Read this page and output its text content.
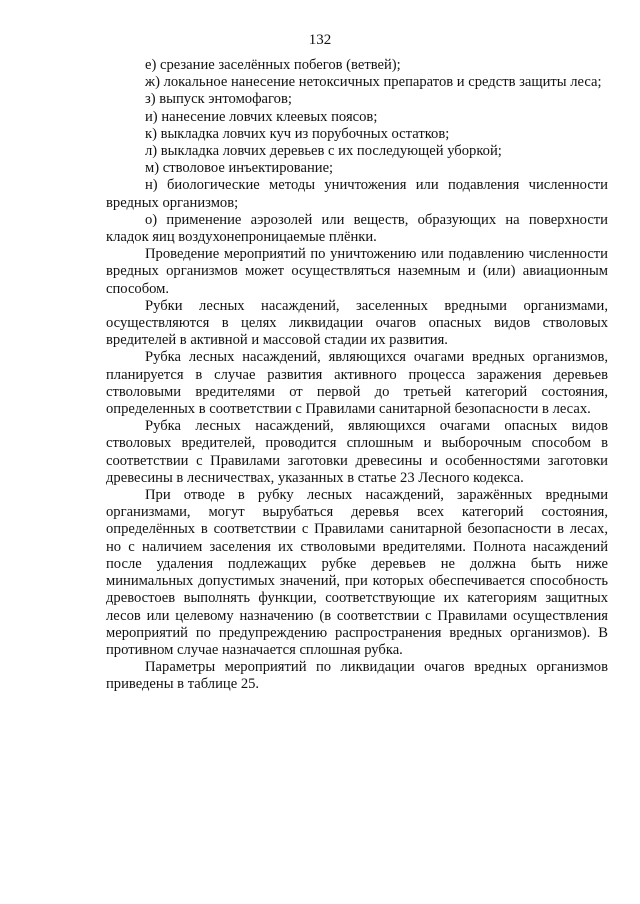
132

е) срезание заселённых побегов (ветвей);

ж) локальное нанесение нетоксичных препаратов и средств защиты леса;

з) выпуск энтомофагов;

и) нанесение ловчих клеевых поясов;

к) выкладка ловчих куч из порубочных остатков;

л) выкладка ловчих деревьев с их последующей уборкой;

м) стволовое инъектирование;

н) биологические методы уничтожения или подавления численности вредных организмов;

о) применение аэрозолей или веществ, образующих на поверхности кладок яиц воздухонепроницаемые плёнки.

Проведение мероприятий по уничтожению или подавлению численности вредных организмов может осуществляться наземным и (или) авиационным способом.

Рубки лесных насаждений, заселенных вредными организмами, осуществляются в целях ликвидации очагов опасных видов стволовых вредителей в активной и массовой стадии их развития.

Рубка лесных насаждений, являющихся очагами вредных организмов, планируется в случае развития активного процесса заражения деревьев стволовыми вредителями от первой до третьей категорий состояния, определенных в соответствии с Правилами санитарной безопасности в лесах.

Рубка лесных насаждений, являющихся очагами опасных видов стволовых вредителей, проводится сплошным и выборочным способом в соответствии с Правилами заготовки древесины и особенностями заготовки древесины в лесничествах, указанных в статье 23 Лесного кодекса.

При отводе в рубку лесных насаждений, заражённых вредными организмами, могут вырубаться деревья всех категорий состояния, определённых в соответствии с Правилами санитарной безопасности в лесах, но с наличием заселения их стволовыми вредителями. Полнота насаждений после удаления подлежащих рубке деревьев не должна быть ниже минимальных допустимых значений, при которых обеспечивается способность древостоев выполнять функции, соответствующие их категориям защитных лесов или целевому назначению (в соответствии с Правилами осуществления мероприятий по предупреждению распространения вредных организмов). В противном случае назначается сплошная рубка.

Параметры мероприятий по ликвидации очагов вредных организмов приведены в таблице 25.
